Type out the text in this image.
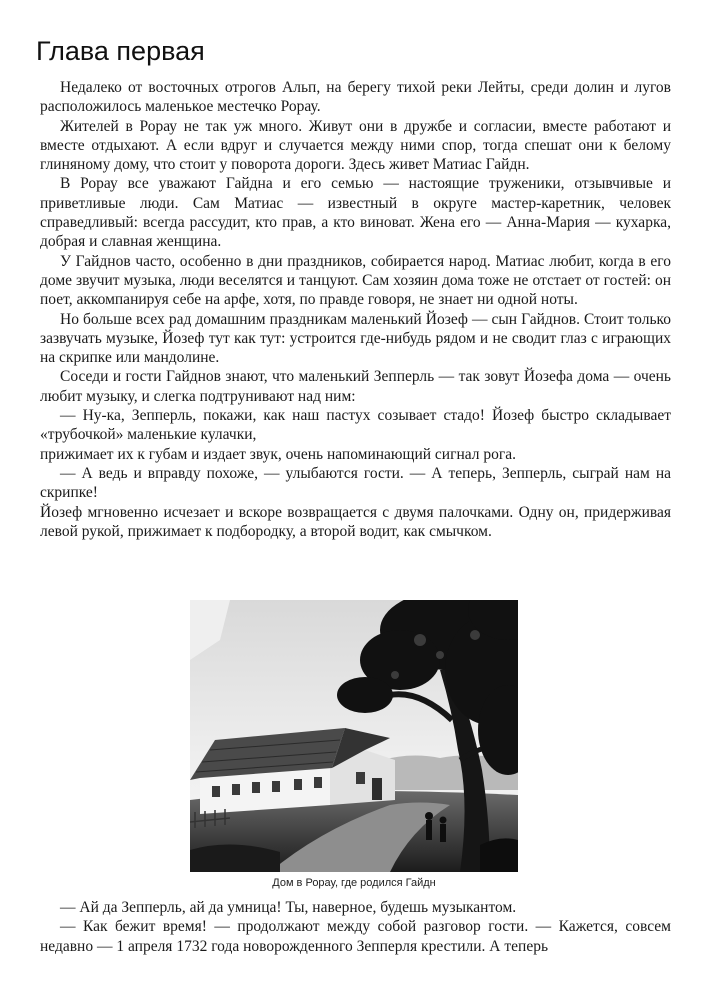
Глава первая

Недалеко от восточных отрогов Альп, на берегу тихой реки Лейты, среди долин и лугов расположилось маленькое местечко Рорау.

Жителей в Рорау не так уж много. Живут они в дружбе и согласии, вместе работают и вместе отдыхают. А если вдруг и случается между ними спор, тогда спешат они к белому глиняному дому, что стоит у поворота дороги. Здесь живет Матиас Гайдн.

В Рорау все уважают Гайдна и его семью — настоящие труженики, отзывчивые и приветливые люди. Сам Матиас — известный в округе мастер-каретник, человек справедливый: всегда рассудит, кто прав, а кто виноват. Жена его — Анна-Мария — кухарка, добрая и славная женщина.

У Гайднов часто, особенно в дни праздников, собирается народ. Матиас любит, когда в его доме звучит музыка, люди веселятся и танцуют. Сам хозяин дома тоже не отстает от гостей: он поет, аккомпанируя себе на арфе, хотя, по правде говоря, не знает ни одной ноты.

Но больше всех рад домашним праздникам маленький Йозеф — сын Гайднов. Стоит только зазвучать музыке, Йозеф тут как тут: устроится где-нибудь рядом и не сводит глаз с играющих на скрипке или мандолине.

Соседи и гости Гайднов знают, что маленький Зепперль — так зовут Йозефа дома — очень любит музыку, и слегка подтрунивают над ним:

— Ну-ка, Зепперль, покажи, как наш пастух созывает стадо! Йозеф быстро складывает «трубочкой» маленькие кулачки,

прижимает их к губам и издает звук, очень напоминающий сигнал рога.

— А ведь и вправду похоже, — улыбаются гости. — А теперь, Зепперль, сыграй нам на скрипке!

Йозеф мгновенно исчезает и вскоре возвращается с двумя палочками. Одну он, придерживая левой рукой, прижимает к подбородку, а второй водит, как смычком.

Дом в Рорау, где родился Гайдн

— Ай да Зепперль, ай да умница! Ты, наверное, будешь музыкантом.

— Как бежит время! — продолжают между собой разговор гости. — Кажется, совсем недавно — 1 апреля 1732 года новорожденного Зепперля крестили. А теперь
